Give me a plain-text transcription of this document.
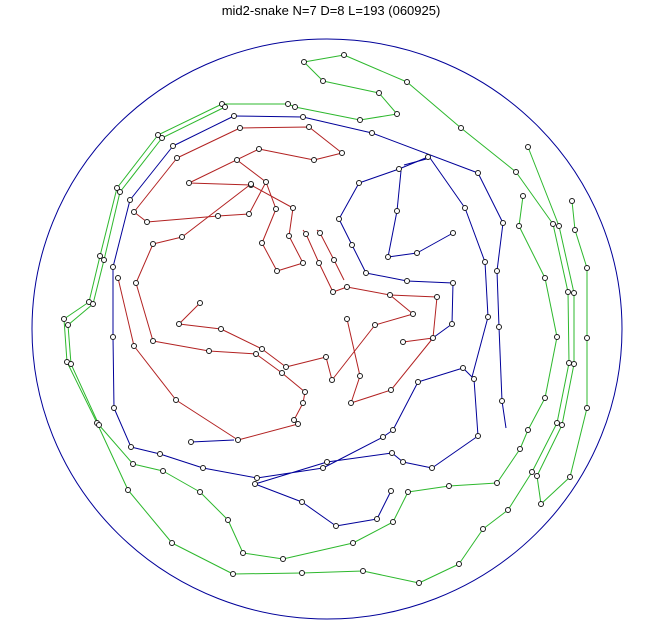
mid2-snake N=7 D=8 L=193 (060925)
